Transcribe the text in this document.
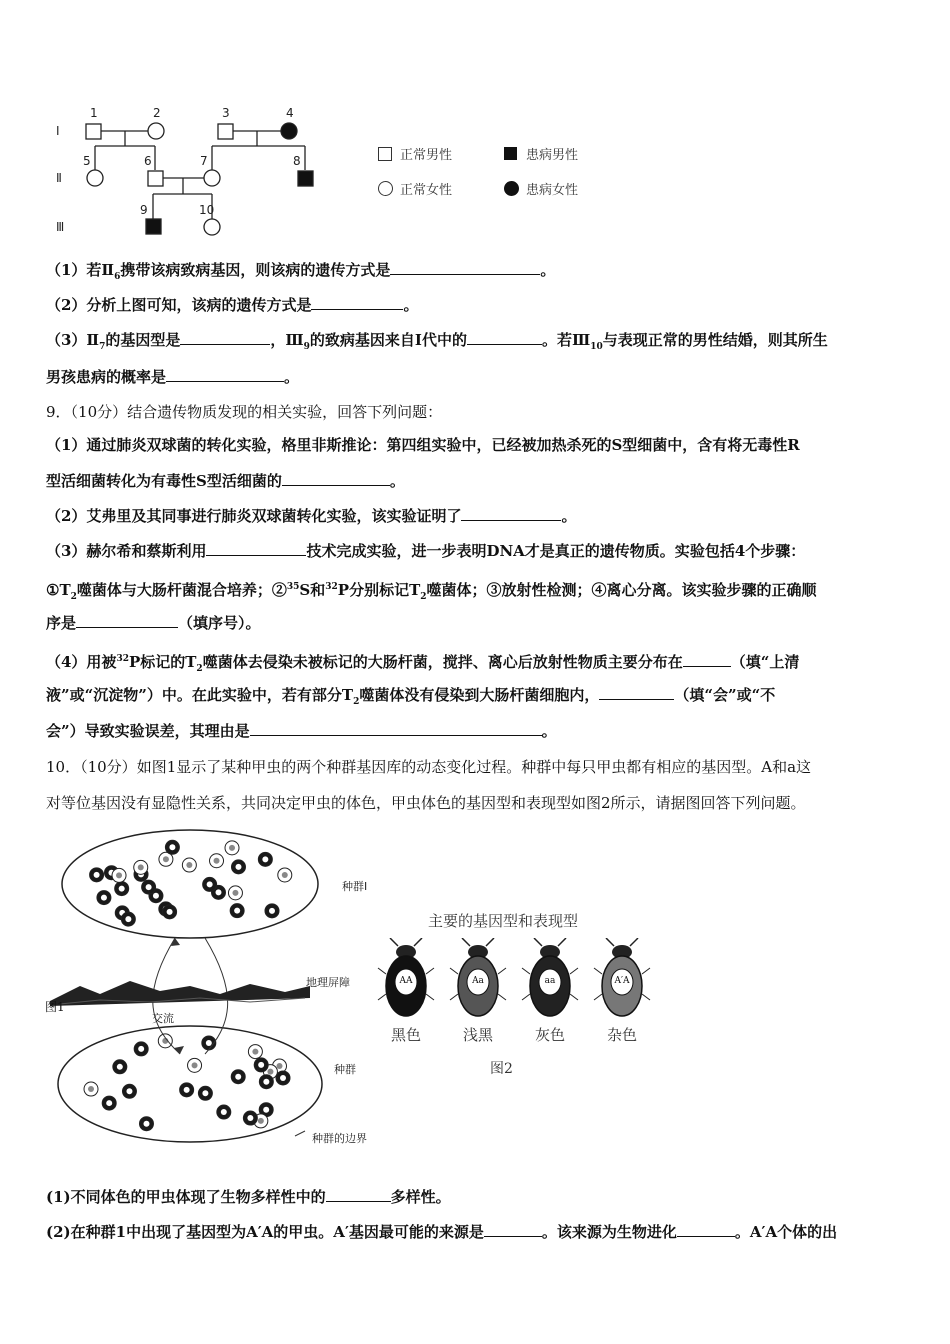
Ⅰ
Ⅱ
Ⅲ
1	2	3	4
5	6	7	8
9	10
正常男性	患病男性
正常女性	患病女性
（1）若$Ⅱ_6$携带该病致病基因，则该病的遗传方式是	。
（2）分析上图可知，该病的遗传方式是	。
$(3)Ⅱ_7$的基因型是	，$Ⅲ_9$的致病基因来自Ⅰ代中的	。若$Ⅲ_{10}$与表现正常的男性结婚，则其所生
男孩患病的概率是	。
9．（10分）结合遗传物质发现的相关实验，回答下列问题：
（1）通过肺炎双球菌的转化实验，格里非斯推论：第四组实验中，已经被加热杀死的S型细菌中，含有将无毒性R
型活细菌转化为有毒性S型活细菌的	。
（2）艾弗里及其同事进行肺炎双球菌转化实验，该实验证明了	。
（3）赫尔希和蔡斯利用	技术完成实验，进一步表明DNA才是真正的遗传物质。实验包括4个步骤：
$①T_2$噬菌体与大肠杆菌混合培养；②$^{35}$S和$^{32}$P分别标记$T_2$噬菌体；③放射性检测；④离心分离。该实验步骤的正确顺
序是	（填序号）。
（4）用被$^{32}$P标记的$T_2$噬菌体去侵染未被标记的大肠杆菌，搅拌、离心后放射性物质主要分布在	（填“上清
液”或“沉淀物”）中。在此实验中，若有部分$T_2$噬菌体没有侵染到大肠杆菌细胞内，	（填“会”或“不
会”）导致实验误差，其理由是	。
10．（10分）如图1显示了某种甲虫的两个种群基因库的动态变化过程。种群中每只甲虫都有相应的基因型。A和a这
对等位基因没有显隐性关系，共同决定甲虫的体色，甲虫体色的基因型和表现型如图2所示，请据图回答下列问题。
图1
种群Ⅰ
种群
地理屏障
交流
种群的边界
主要的基因型和表现型
AA
黑色
Aa
浅黑
aa
灰色
A′A
杂色
图2
(1)不同体色的甲虫体现了生物多样性中的	多样性。
(2)在种群1中出现了基因型为A′A的甲虫。A′基因最可能的来源是	。该来源为生物进化	。A′A个体的出
